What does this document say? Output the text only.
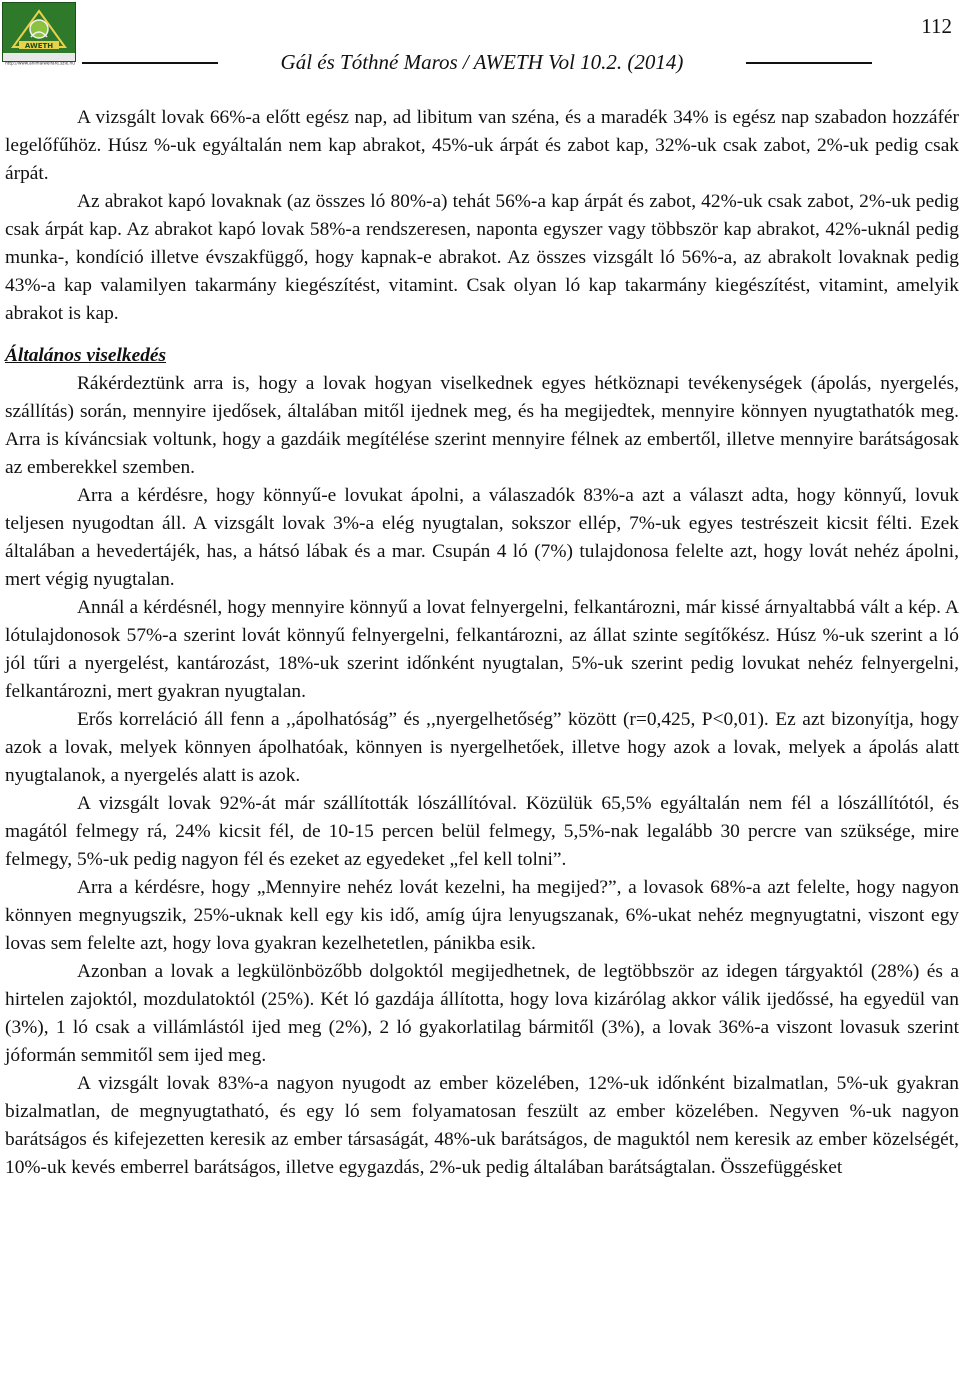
AWETH
http://www.animalwelfare.szie.hu
112
Gál és Tóthné Maros / AWETH Vol 10.2. (2014)

A vizsgált lovak 66%-a előtt egész nap, ad libitum van széna, és a maradék 34% is egész nap szabadon hozzáfér legelőfűhöz. Húsz %-uk egyáltalán nem kap abrakot, 45%-uk árpát és zabot kap, 32%-uk csak zabot, 2%-uk pedig csak árpát.

Az abrakot kapó lovaknak (az összes ló 80%-a) tehát 56%-a kap árpát és zabot, 42%-uk csak zabot, 2%-uk pedig csak árpát kap. Az abrakot kapó lovak 58%-a rendszeresen, naponta egyszer vagy többször kap abrakot, 42%-uknál pedig munka-, kondíció illetve évszakfüggő, hogy kapnak-e abrakot. Az összes vizsgált ló 56%-a, az abrakolt lovaknak pedig 43%-a kap valamilyen takarmány kiegészítést, vitamint. Csak olyan ló kap takarmány kiegészítést, vitamint, amelyik abrakot is kap.

Általános viselkedés

Rákérdeztünk arra is, hogy a lovak hogyan viselkednek egyes hétköznapi tevékenységek (ápolás, nyergelés, szállítás) során, mennyire ijedősek, általában mitől ijednek meg, és ha megijedtek, mennyire könnyen nyugtathatók meg. Arra is kíváncsiak voltunk, hogy a gazdáik megítélése szerint mennyire félnek az embertől, illetve mennyire barátságosak az emberekkel szemben.

Arra a kérdésre, hogy könnyű-e lovukat ápolni, a válaszadók 83%-a azt a választ adta, hogy könnyű, lovuk teljesen nyugodtan áll. A vizsgált lovak 3%-a elég nyugtalan, sokszor ellép, 7%-uk egyes testrészeit kicsit félti. Ezek általában a hevedertájék, has, a hátsó lábak és a mar. Csupán 4 ló (7%) tulajdonosa felelte azt, hogy lovát nehéz ápolni, mert végig nyugtalan.

Annál a kérdésnél, hogy mennyire könnyű a lovat felnyergelni, felkantározni, már kissé árnyaltabbá vált a kép. A lótulajdonosok 57%-a szerint lovát könnyű felnyergelni, felkantározni, az állat szinte segítőkész. Húsz %-uk szerint a ló jól tűri a nyergelést, kantározást, 18%-uk szerint időnként nyugtalan, 5%-uk szerint pedig lovukat nehéz felnyergelni, felkantározni, mert gyakran nyugtalan.

Erős korreláció áll fenn a ,,ápolhatóság” és ,,nyergelhetőség” között (r=0,425, P<0,01). Ez azt bizonyítja, hogy azok a lovak, melyek könnyen ápolhatóak, könnyen is nyergelhetőek, illetve hogy azok a lovak, melyek a ápolás alatt nyugtalanok, a nyergelés alatt is azok.

A vizsgált lovak 92%-át már szállították lószállítóval. Közülük 65,5% egyáltalán nem fél a lószállítótól, és magától felmegy rá, 24% kicsit fél, de 10-15 percen belül felmegy, 5,5%-nak legalább 30 percre van szüksége, mire felmegy, 5%-uk pedig nagyon fél és ezeket az egyedeket „fel kell tolni”.

Arra a kérdésre, hogy „Mennyire nehéz lovát kezelni, ha megijed?”, a lovasok 68%-a azt felelte, hogy nagyon könnyen megnyugszik, 25%-uknak kell egy kis idő, amíg újra lenyugszanak, 6%-ukat nehéz megnyugtatni, viszont egy lovas sem felelte azt, hogy lova gyakran kezelhetetlen, pánikba esik.

Azonban a lovak a legkülönbözőbb dolgoktól megijedhetnek, de legtöbbször az idegen tárgyaktól (28%) és a hirtelen zajoktól, mozdulatoktól (25%). Két ló gazdája állította, hogy lova kizárólag akkor válik ijedőssé, ha egyedül van (3%), 1 ló csak a villámlástól ijed meg (2%), 2 ló gyakorlatilag bármitől (3%), a lovak 36%-a viszont lovasuk szerint jóformán semmitől sem ijed meg.

A vizsgált lovak 83%-a nagyon nyugodt az ember közelében, 12%-uk időnként bizalmatlan, 5%-uk gyakran bizalmatlan, de megnyugtatható, és egy ló sem folyamatosan feszült az ember közelében. Negyven %-uk nagyon barátságos és kifejezetten keresik az ember társaságát, 48%-uk barátságos, de maguktól nem keresik az ember közelségét, 10%-uk kevés emberrel barátságos, illetve egygazdás, 2%-uk pedig általában barátságtalan. Összefüggésket
